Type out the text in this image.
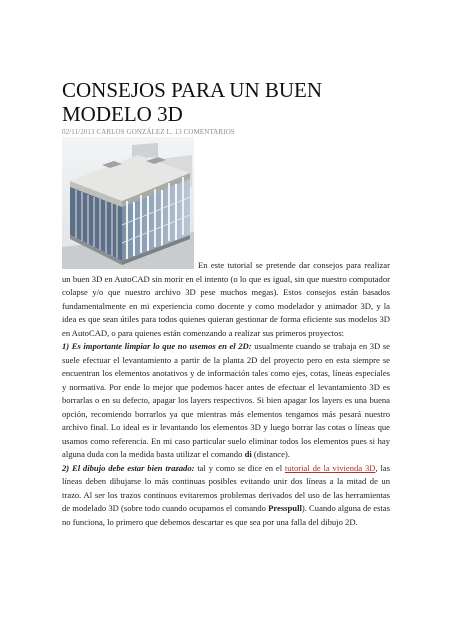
CONSEJOS PARA UN BUEN MODELO 3D
02/11/2013 CARLOS GONZÁLEZ L. 13 COMENTARIOS

En este tutorial se pretende dar consejos para realizar un buen 3D en AutoCAD sin morir en el intento (o lo que es igual, sin que nuestro computador colapse y/o que nuestro archivo 3D pese muchos megas). Estos consejos están basados fundamentalmente en mi experiencia como docente y como modelador y animador 3D, y la idea es que sean útiles para todos quienes quieran gestionar de forma eficiente sus modelos 3D en AutoCAD, o para quienes están comenzando a realizar sus primeros proyectos:

1) Es importante limpiar lo que no usemos en el 2D: usualmente cuando se trabaja en 3D se suele efectuar el levantamiento a partir de la planta 2D del proyecto pero en esta siempre se encuentran los elementos anotativos y de información tales como ejes, cotas, líneas especiales y normativa. Por ende lo mejor que podemos hacer antes de efectuar el levantamiento 3D es borrarlas o en su defecto, apagar los layers respectivos. Si bien apagar los layers es una buena opción, recomiendo borrarlos ya que mientras más elementos tengamos más pesará nuestro archivo final. Lo ideal es ir levantando los elementos 3D y luego borrar las cotas o líneas que usamos como referencia. En mi caso particular suelo eliminar todos los elementos pues si hay alguna duda con la medida basta utilizar el comando di (distance).

2) El dibujo debe estar bien trazado: tal y como se dice en el tutorial de la vivienda 3D, las líneas deben dibujarse lo más continuas posibles evitando unir dos líneas a la mitad de un trazo. Al ser los trazos continuos evitaremos problemas derivados del uso de las herramientas de modelado 3D (sobre todo cuando ocupamos el comando Presspull). Cuando alguna de estas no funciona, lo primero que debemos descartar es que sea por una falla del dibujo 2D.
